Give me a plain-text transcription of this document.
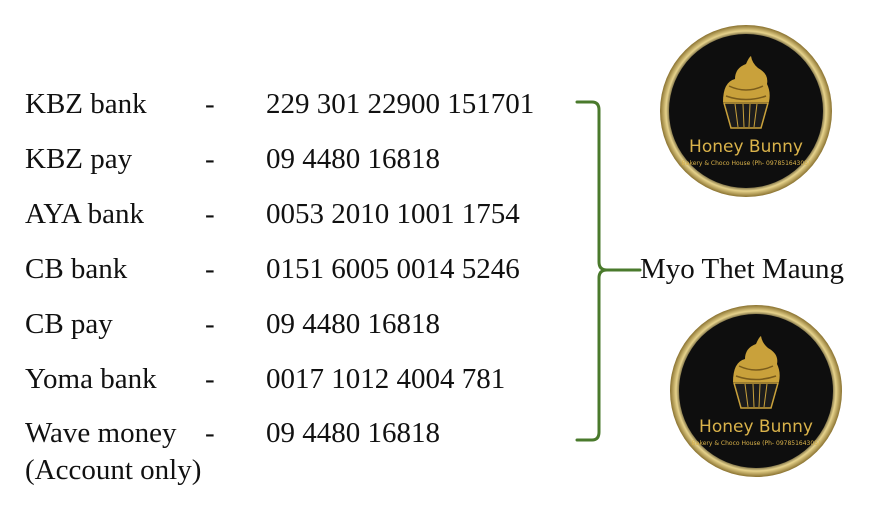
KBZ bank - 229 301 22900 151701
KBZ pay	- 09 4480 16818
AYA bank - 0053 2010 1001 1754
CB bank	- 0151 6005 0014 5246
CB pay	- 09 4480 16818
Yoma bank - 0017 1012 4004 781
Wave money - 09 4480 16818
(Account only)
Myo Thet Maung
Honey Bunny
Bakery & Choco House (Ph- 09785164305)
Honey Bunny
Bakery & Choco House (Ph- 09785164305)
